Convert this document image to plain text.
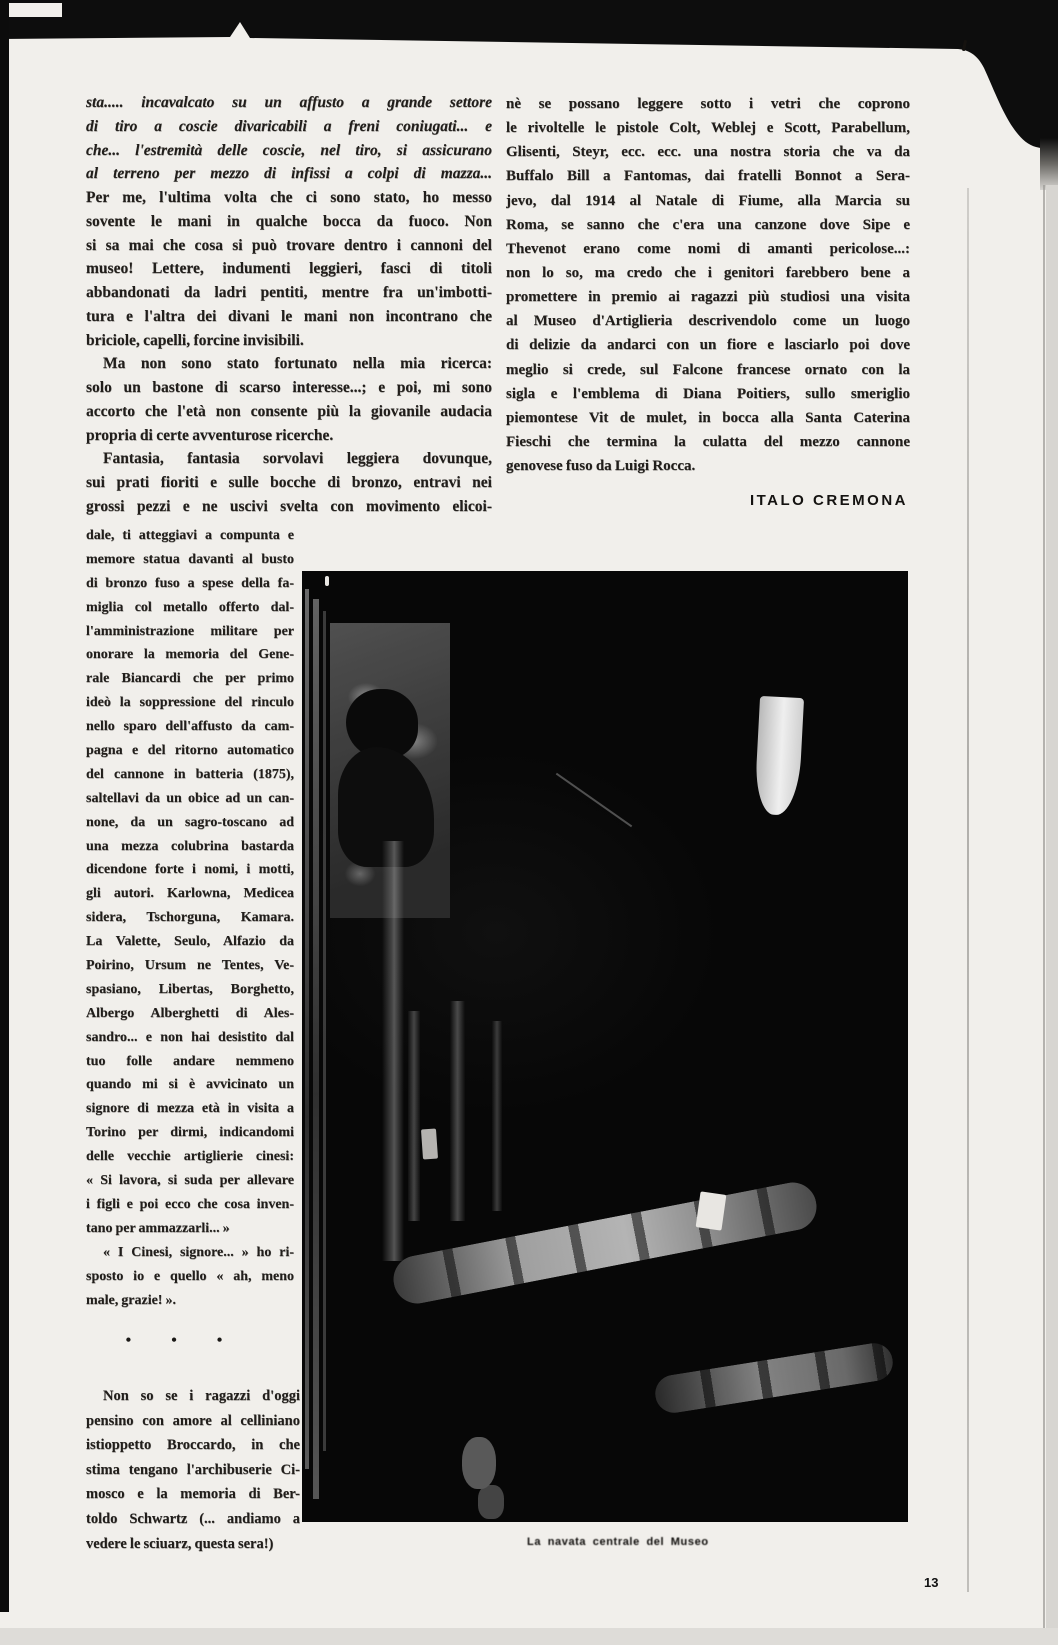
sta..... incavalcato su un affusto a grande settore
di tiro a coscie divaricabili a freni coniugati... e
che... l'estremità delle coscie, nel tiro, si assicurano
al terreno per mezzo di infissi a colpi di mazza...
Per me, l'ultima volta che ci sono stato, ho messo
sovente le mani in qualche bocca da fuoco. Non
si sa mai che cosa si può trovare dentro i cannoni del
museo! Lettere, indumenti leggieri, fasci di titoli
abbandonati da ladri pentiti, mentre fra un'imbotti-
tura e l'altra dei divani le mani non incontrano che
briciole, capelli, forcine invisibili.
Ma non sono stato fortunato nella mia ricerca:
solo un bastone di scarso interesse...; e poi, mi sono
accorto che l'età non consente più la giovanile audacia
propria di certe avventurose ricerche.
Fantasia, fantasia sorvolavi leggiera dovunque,
sui prati fioriti e sulle bocche di bronzo, entravi nei
grossi pezzi e ne uscivi svelta con movimento elicoi-
nè se possano leggere sotto i vetri che coprono
le rivoltelle le pistole Colt, Weblej e Scott, Parabellum,
Glisenti, Steyr, ecc. ecc. una nostra storia che va da
Buffalo Bill a Fantomas, dai fratelli Bonnot a Sera-
jevo, dal 1914 al Natale di Fiume, alla Marcia su
Roma, se sanno che c'era una canzone dove Sipe e
Thevenot erano come nomi di amanti pericolose...:
non lo so, ma credo che i genitori farebbero bene a
promettere in premio ai ragazzi più studiosi una visita
al Museo d'Artiglieria descrivendolo come un luogo
di delizie da andarci con un fiore e lasciarlo poi dove
meglio si crede, sul Falcone francese ornato con la
sigla e l'emblema di Diana Poitiers, sullo smeriglio
piemontese Vit de mulet, in bocca alla Santa Caterina
Fieschi che termina la culatta del mezzo cannone
genovese fuso da Luigi Rocca.
dale, ti atteggiavi a compunta e
memore statua davanti al busto
di bronzo fuso a spese della fa-
miglia col metallo offerto dal-
l'amministrazione militare per
onorare la memoria del Gene-
rale Biancardi che per primo
ideò la soppressione del rinculo
nello sparo dell'affusto da cam-
pagna e del ritorno automatico
del cannone in batteria (1875),
saltellavi da un obice ad un can-
none, da un sagro-toscano ad
una mezza colubrina bastarda
dicendone forte i nomi, i motti,
gli autori. Karlowna, Medicea
sidera, Tschorguna, Kamara.
La Valette, Seulo, Alfazio da
Poirino, Ursum ne Tentes, Ve-
spasiano, Libertas, Borghetto,
Albergo Alberghetti di Ales-
sandro... e non hai desistito dal
tuo folle andare nemmeno
quando mi si è avvicinato un
signore di mezza età in visita a
Torino per dirmi, indicandomi
delle vecchie artiglierie cinesi:
« Si lavora, si suda per allevare
i figli e poi ecco che cosa inven-
tano per ammazzarli... »
« I Cinesi, signore... » ho ri-
sposto io e quello « ah, meno
male, grazie! ».
Non so se i ragazzi d'oggi
pensino con amore al celliniano
istioppetto Broccardo, in che
stima tengano l'archibuserie Ci-
mosco e la memoria di Ber-
toldo Schwartz (... andiamo a
vedere le sciuarz, questa sera!)
ITALO CREMONA
• • •
La navata centrale del Museo
13
